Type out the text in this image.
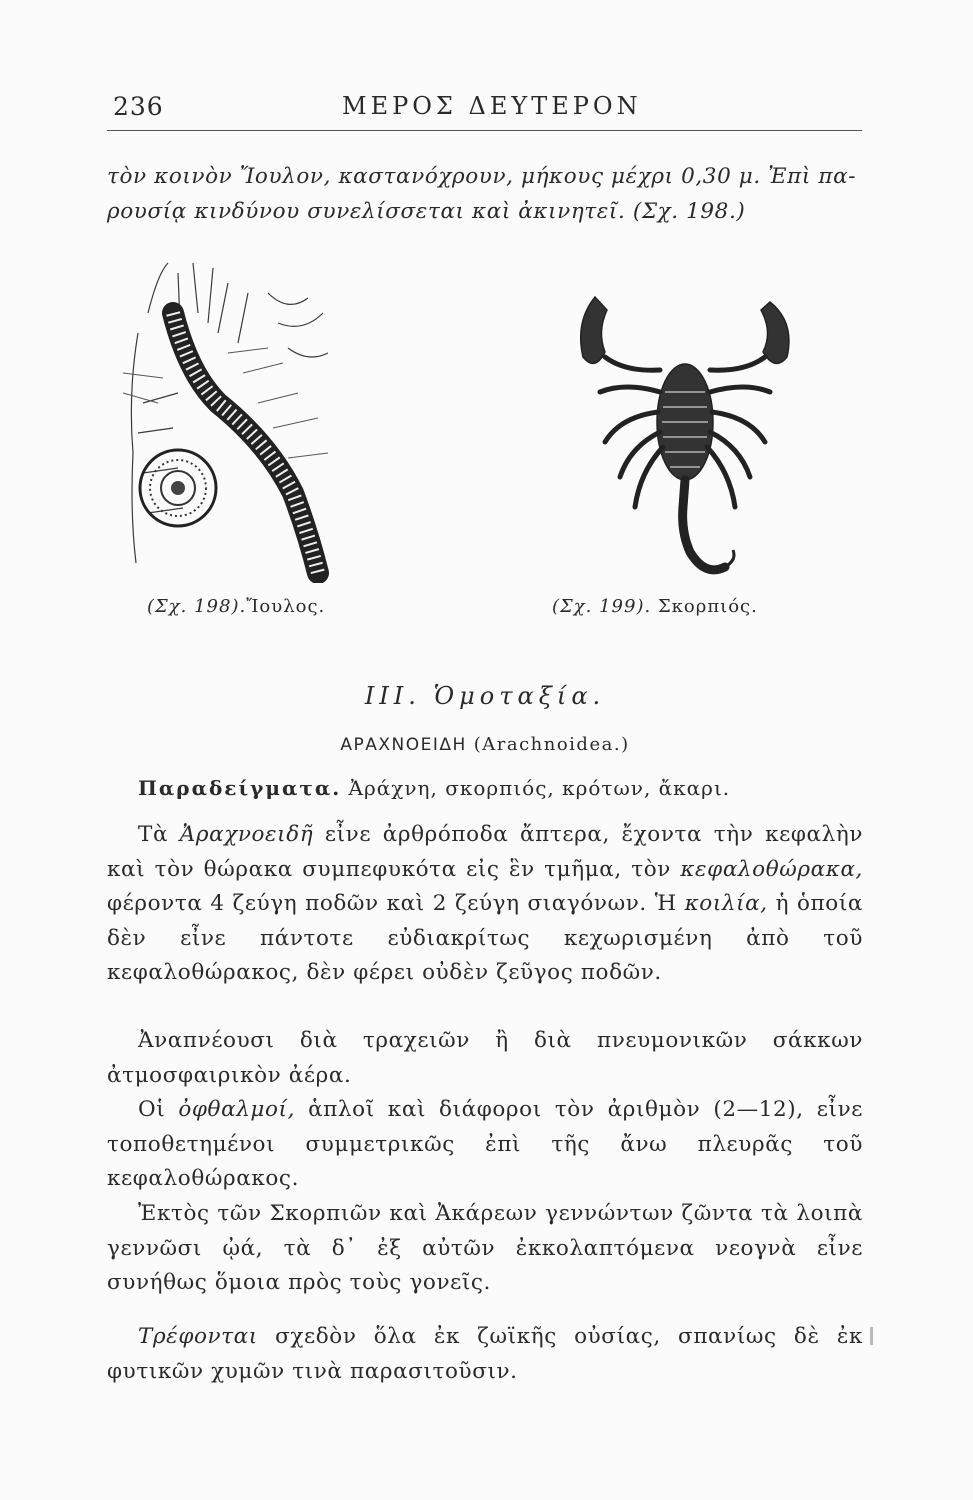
236	ΜΕΡΟΣ ΔΕΥΤΕΡΟΝ
τὸν κοινὸν Ἴουλον, καστανόχρουν, μήκους μέχρι 0,30 μ. Ἐπὶ πα-
ρουσίᾳ κινδύνου συνελίσσεται καὶ ἀκινητεῖ. (Σχ. 198.)
(Σχ. 198).Ἴουλος.	(Σχ. 199). Σκορπιός.
III. Ὁμοταξία.
ΑΡΑΧΝΟΕΙΔΗ (Arachnoidea.)
Παραδείγματα. Ἀράχνη, σκορπιός, κρότων, ἄκαρι.
Τὰ Ἀραχνοειδῆ εἶνε ἀρθρόποδα ἄπτερα, ἔχοντα τὴν κεφαλὴν καὶ τὸν θώρακα συμπεφυκότα εἰς ἓν τμῆμα, τὸν κεφαλοθώρακα, φέροντα 4 ζεύγη ποδῶν καὶ 2 ζεύγη σιαγόνων. Ἡ κοιλία, ἡ ὁποία δὲν εἶνε πάντοτε εὐδιακρίτως κεχωρισμένη ἀπὸ τοῦ κεφαλοθώρακος, δὲν φέρει οὐδὲν ζεῦγος ποδῶν.
Ἀναπνέουσι διὰ τραχειῶν ἢ διὰ πνευμονικῶν σάκκων ἀτμοσφαιρικὸν ἀέρα.
Οἱ ὀφθαλμοί, ἁπλοῖ καὶ διάφοροι τὸν ἀριθμὸν (2—12), εἶνε τοποθετημένοι συμμετρικῶς ἐπὶ τῆς ἄνω πλευρᾶς τοῦ κεφαλοθώρακος.
Ἐκτὸς τῶν Σκορπιῶν καὶ Ἀκάρεων γεννώντων ζῶντα τὰ λοιπὰ γεννῶσι ᾠά, τὰ δ᾽ ἐξ αὐτῶν ἐκκολαπτόμενα νεογνὰ εἶνε συνήθως ὅμοια πρὸς τοὺς γονεῖς.
Τρέφονται σχεδὸν ὅλα ἐκ ζωϊκῆς οὐσίας, σπανίως δὲ ἐκ φυτικῶν χυμῶν τινὰ παρασιτοῦσιν.
